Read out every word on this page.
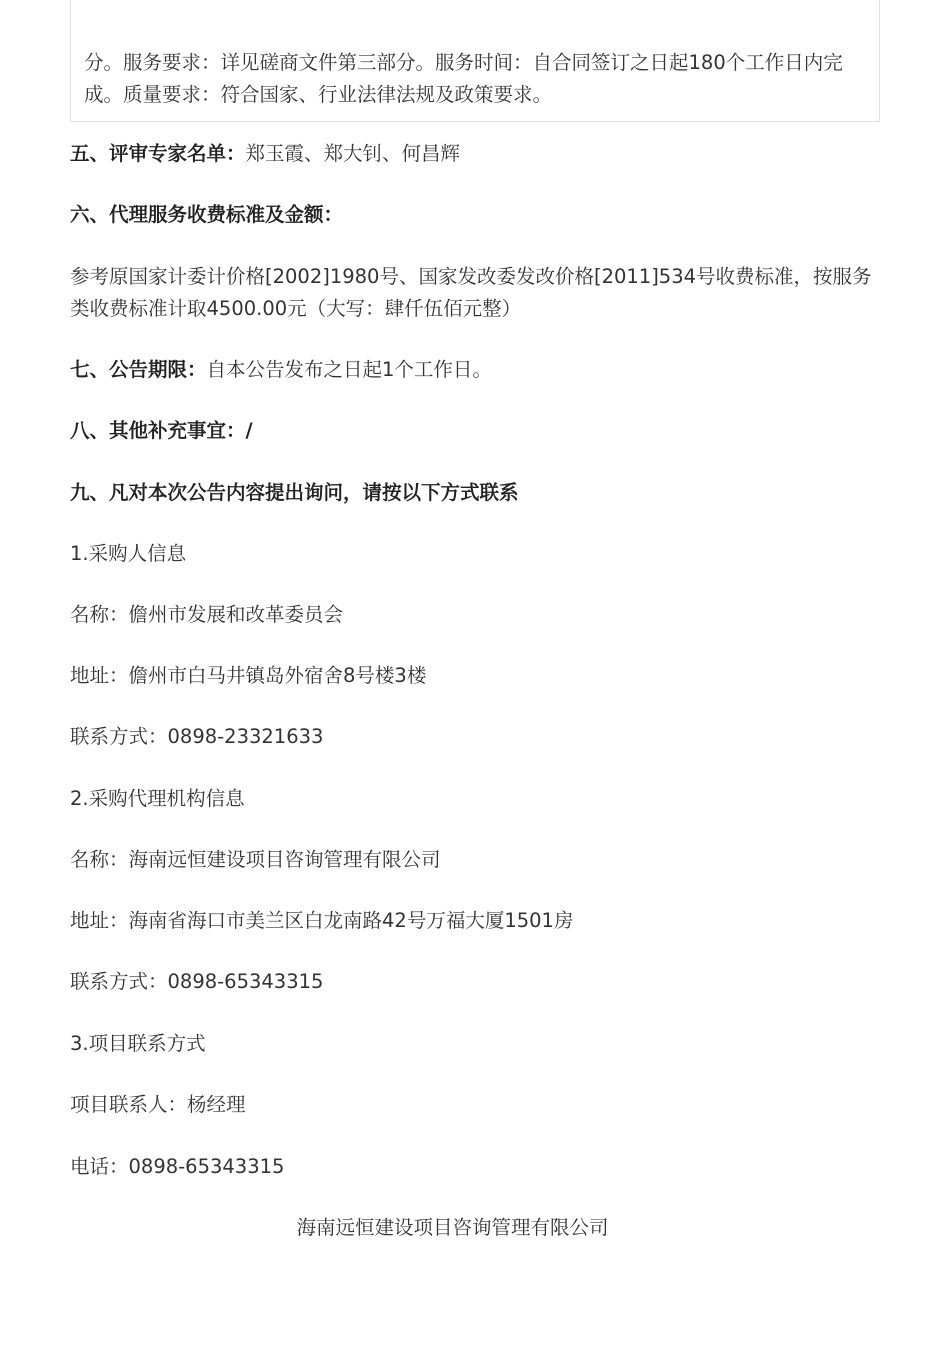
分。服务要求：详见磋商文件第三部分。服务时间：自合同签订之日起180个工作日内完成。质量要求：符合国家、行业法律法规及政策要求。
五、评审专家名单：郑玉霞、郑大钊、何昌辉
六、代理服务收费标准及金额：
参考原国家计委计价格[2002]1980号、国家发改委发改价格[2011]534号收费标准，按服务类收费标准计取4500.00元（大写：肆仟伍佰元整）
七、公告期限：自本公告发布之日起1个工作日。
八、其他补充事宜：/
九、凡对本次公告内容提出询问，请按以下方式联系
1.采购人信息
名称：儋州市发展和改革委员会
地址：儋州市白马井镇岛外宿舍8号楼3楼
联系方式：0898-23321633
2.采购代理机构信息
名称：海南远恒建设项目咨询管理有限公司
地址：海南省海口市美兰区白龙南路42号万福大厦1501房
联系方式：0898-65343315
3.项目联系方式
项目联系人：杨经理
电话：0898-65343315
海南远恒建设项目咨询管理有限公司
